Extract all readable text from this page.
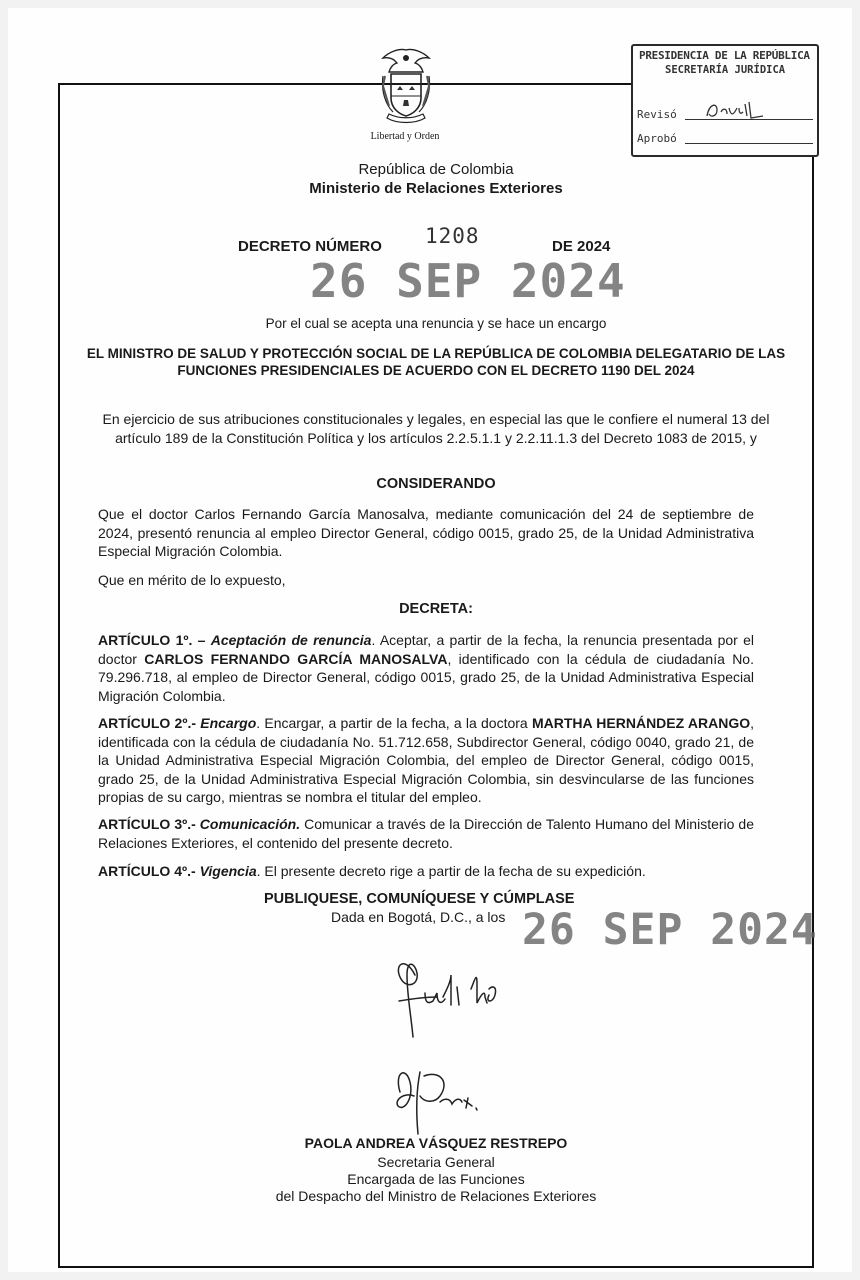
Libertad y Orden
PRESIDENCIA DE LA REPÚBLICA
SECRETARÍA JURÍDICA
Revisó
Aprobó
República de Colombia
Ministerio de Relaciones Exteriores
DECRETO NÚMERO 1208	DE 2024
26 SEP 2024
Por el cual se acepta una renuncia y se hace un encargo
EL MINISTRO DE SALUD Y PROTECCIÓN SOCIAL DE LA REPÚBLICA DE COLOMBIA DELEGATARIO DE LAS FUNCIONES PRESIDENCIALES DE ACUERDO CON EL DECRETO 1190 DEL 2024
En ejercicio de sus atribuciones constitucionales y legales, en especial las que le confiere el numeral 13 del artículo 189 de la Constitución Política y los artículos 2.2.5.1.1 y 2.2.11.1.3 del Decreto 1083 de 2015, y
CONSIDERANDO
Que el doctor Carlos Fernando García Manosalva, mediante comunicación del 24 de septiembre de 2024, presentó renuncia al empleo Director General, código 0015, grado 25, de la Unidad Administrativa Especial Migración Colombia.
Que en mérito de lo expuesto,
DECRETA:
ARTÍCULO 1º. – Aceptación de renuncia. Aceptar, a partir de la fecha, la renuncia presentada por el doctor CARLOS FERNANDO GARCÍA MANOSALVA, identificado con la cédula de ciudadanía No. 79.296.718, al empleo de Director General, código 0015, grado 25, de la Unidad Administrativa Especial Migración Colombia.
ARTÍCULO 2º.- Encargo. Encargar, a partir de la fecha, a la doctora MARTHA HERNÁNDEZ ARANGO, identificada con la cédula de ciudadanía No. 51.712.658, Subdirector General, código 0040, grado 21, de la Unidad Administrativa Especial Migración Colombia, del empleo de Director General, código 0015, grado 25, de la Unidad Administrativa Especial Migración Colombia, sin desvincularse de las funciones propias de su cargo, mientras se nombra el titular del empleo.
ARTÍCULO 3º.- Comunicación. Comunicar a través de la Dirección de Talento Humano del Ministerio de Relaciones Exteriores, el contenido del presente decreto.
ARTÍCULO 4º.- Vigencia. El presente decreto rige a partir de la fecha de su expedición.
PUBLIQUESE, COMUNÍQUESE Y CÚMPLASE
Dada en Bogotá, D.C., a los 26 SEP 2024
PAOLA ANDREA VÁSQUEZ RESTREPO
Secretaria General
Encargada de las Funciones
del Despacho del Ministro de Relaciones Exteriores
